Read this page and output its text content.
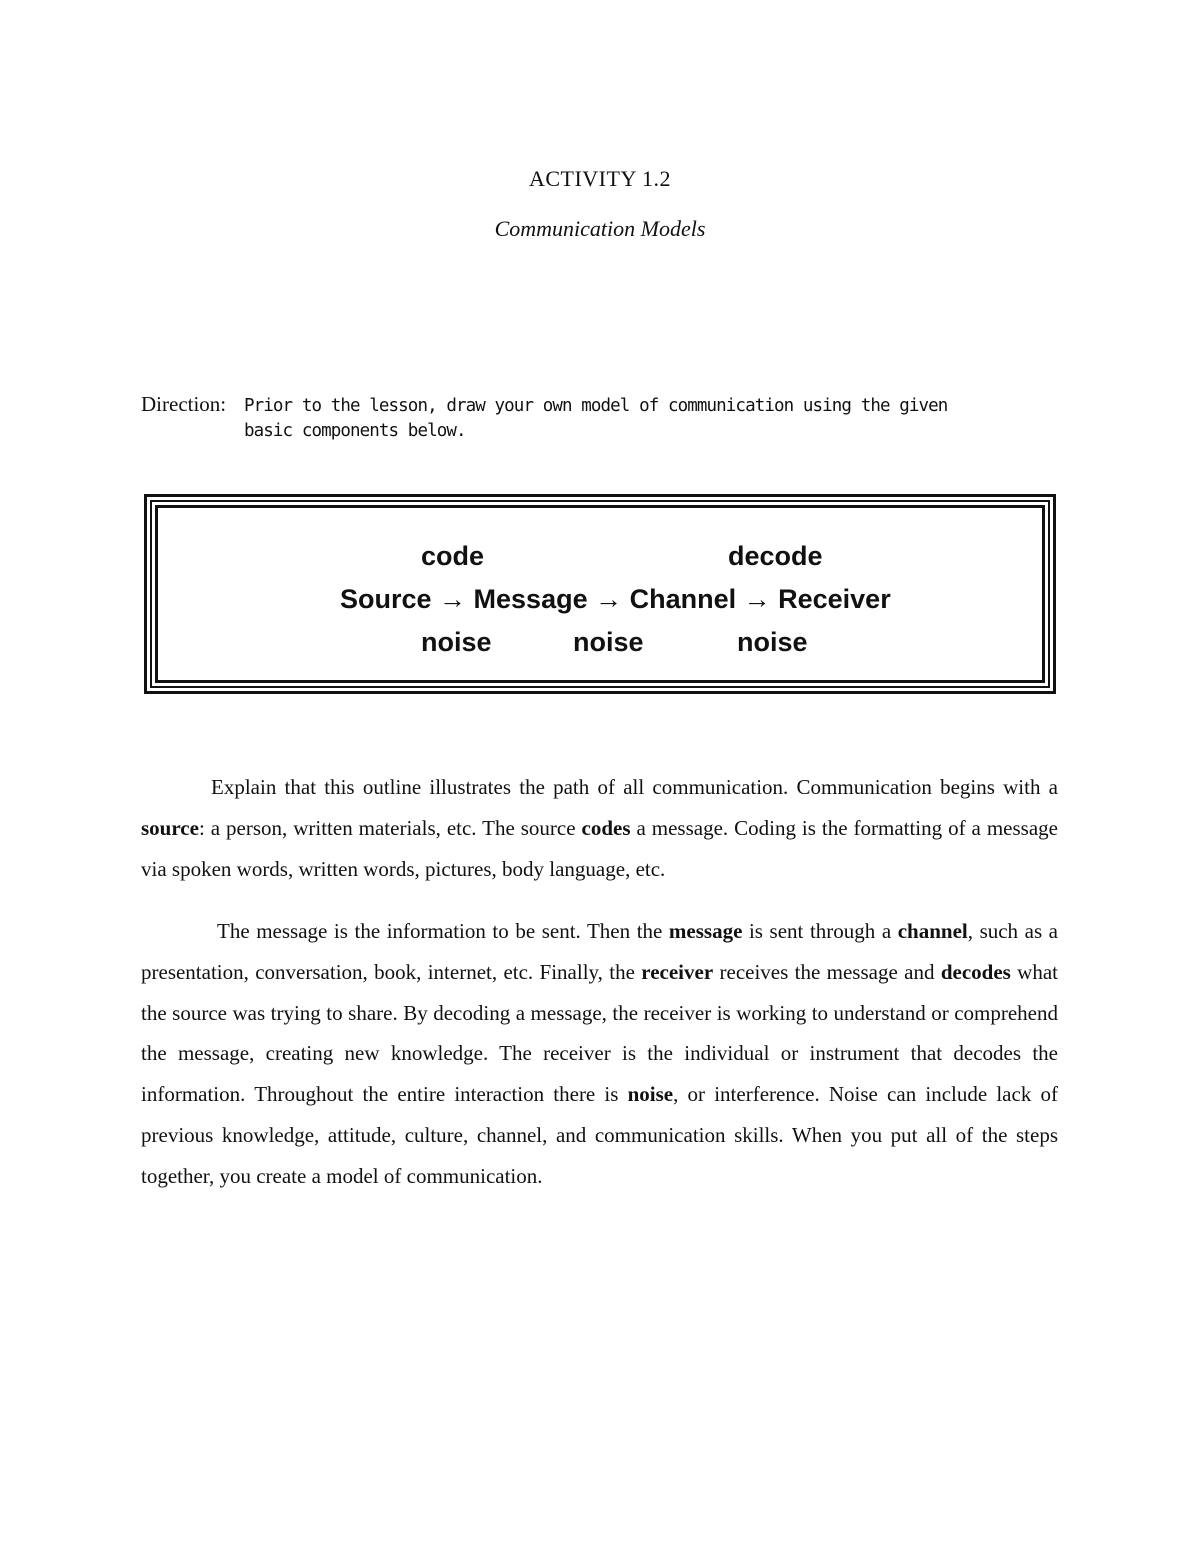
ACTIVITY 1.2
Communication Models
Direction: Prior to the lesson, draw your own model of communication using the given basic components below.
code	decode
Source → Message → Channel → Receiver
noise	noise	noise

Explain that this outline illustrates the path of all communication. Communication begins with a source: a person, written materials, etc. The source codes a message. Coding is the formatting of a message via spoken words, written words, pictures, body language, etc.

The message is the information to be sent. Then the message is sent through a channel, such as a presentation, conversation, book, internet, etc. Finally, the receiver receives the message and decodes what the source was trying to share. By decoding a message, the receiver is working to understand or comprehend the message, creating new knowledge. The receiver is the individual or instrument that decodes the information. Throughout the entire interaction there is noise, or interference. Noise can include lack of previous knowledge, attitude, culture, channel, and communication skills. When you put all of the steps together, you create a model of communication.
